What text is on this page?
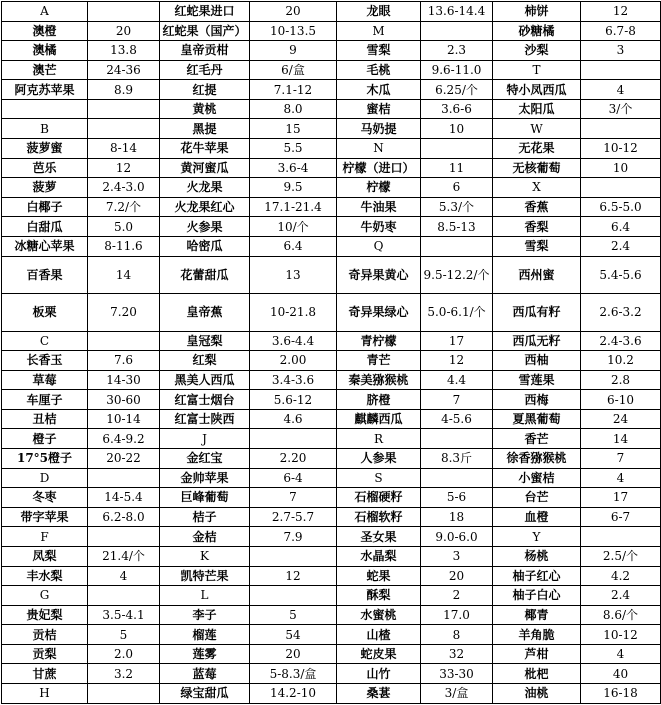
A		红蛇果进口	20	龙眼	13.6-14.4	柿饼	12
澳橙	20	红蛇果（国产）	10-13.5	M		砂糖橘	6.7-8
澳橘	13.8	皇帝贡柑	9	雪梨	2.3	沙梨	3
澳芒	24-36	红毛丹	6/盒	毛桃	9.6-11.0	T	
阿克苏苹果	8.9	红提	7.1-12	木瓜	6.25/个	特小凤西瓜	4
		黄桃	8.0	蜜桔	3.6-6	太阳瓜	3/个
B		黑提	15	马奶提	10	W	
菠萝蜜	8-14	花牛苹果	5.5	N		无花果	10-12
芭乐	12	黄河蜜瓜	3.6-4	柠檬（进口）	11	无核葡萄	10
菠萝	2.4-3.0	火龙果	9.5	柠檬	6	X	
白椰子	7.2/个	火龙果红心	17.1-21.4	牛油果	5.3/个	香蕉	6.5-5.0
白甜瓜	5.0	火参果	10/个	牛奶枣	8.5-13	香梨	6.4
冰糖心苹果	8-11.6	哈密瓜	6.4	Q		雪梨	2.4
百香果	14	花蕾甜瓜	13	奇异果黄心	9.5-12.2/个	西州蜜	5.4-5.6
板栗	7.20	皇帝蕉	10-21.8	奇异果绿心	5.0-6.1/个	西瓜有籽	2.6-3.2
C		皇冠梨	3.6-4.4	青柠檬	17	西瓜无籽	2.4-3.6
长香玉	7.6	红梨	2.00	青芒	12	西柚	10.2
草莓	14-30	黑美人西瓜	3.4-3.6	秦美猕猴桃	4.4	雪莲果	2.8
车厘子	30-60	红富士烟台	5.6-12	脐橙	7	西梅	6-10
丑桔	10-14	红富士陕西	4.6	麒麟西瓜	4-5.6	夏黑葡萄	24
橙子	6.4-9.2	J		R		香芒	14
17°5橙子	20-22	金红宝	2.20	人参果	8.3斤	徐香猕猴桃	7
D		金帅苹果	6-4	S		小蜜桔	4
冬枣	14-5.4	巨峰葡萄	7	石榴硬籽	5-6	台芒	17
带字苹果	6.2-8.0	桔子	2.7-5.7	石榴软籽	18	血橙	6-7
F		金桔	7.9	圣女果	9.0-6.0	Y	
凤梨	21.4/个	K		水晶梨	3	杨桃	2.5/个
丰水梨	4	凯特芒果	12	蛇果	20	柚子红心	4.2
G		L		酥梨	2	柚子白心	2.4
贵妃梨	3.5-4.1	李子	5	水蜜桃	17.0	椰青	8.6/个
贡桔	5	榴莲	54	山楂	8	羊角脆	10-12
贡梨	2.0	莲雾	20	蛇皮果	32	芦柑	4
甘蔗	3.2	蓝莓	5-8.3/盒	山竹	33-30	枇杷	40
H		绿宝甜瓜	14.2-10	桑葚	3/盒	油桃	16-18
